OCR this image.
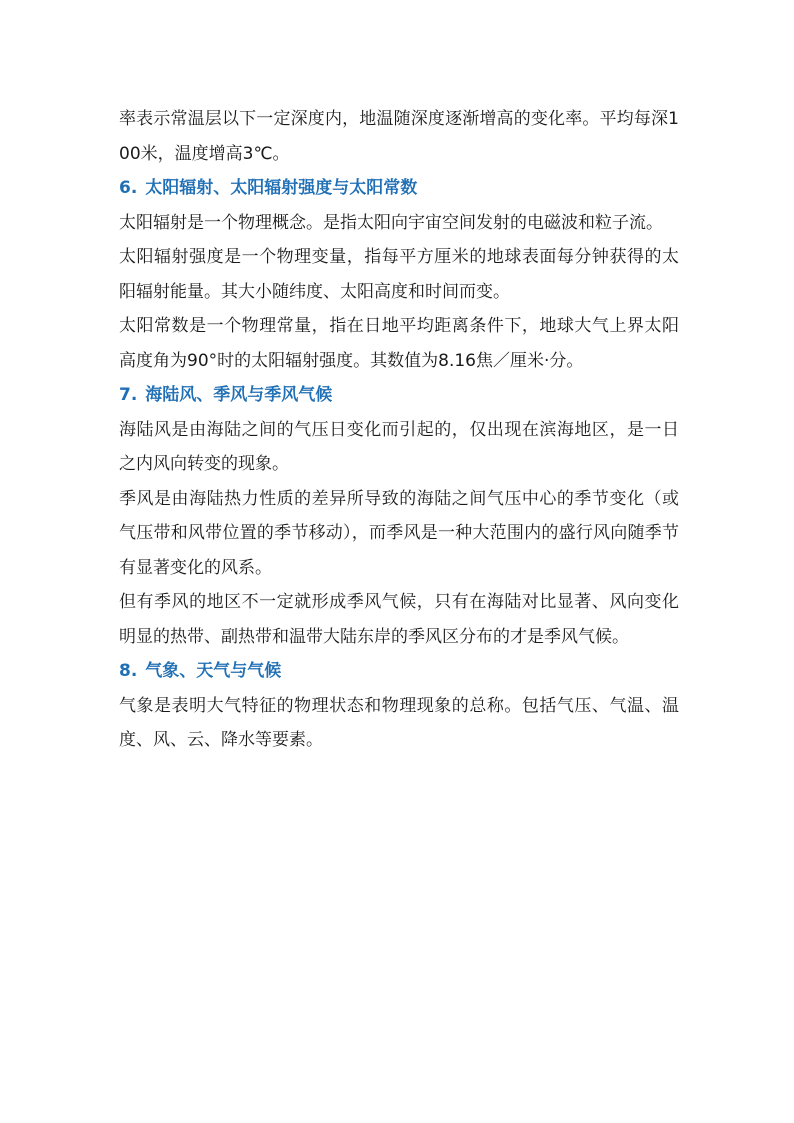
率表示常温层以下一定深度内，地温随深度逐渐增高的变化率。平均每深100米，温度增高3℃。

6. 太阳辐射、太阳辐射强度与太阳常数

太阳辐射是一个物理概念。是指太阳向宇宙空间发射的电磁波和粒子流。

太阳辐射强度是一个物理变量，指每平方厘米的地球表面每分钟获得的太阳辐射能量。其大小随纬度、太阳高度和时间而变。

太阳常数是一个物理常量，指在日地平均距离条件下，地球大气上界太阳高度角为90°时的太阳辐射强度。其数值为8.16焦／厘米·分。

7. 海陆风、季风与季风气候

海陆风是由海陆之间的气压日变化而引起的，仅出现在滨海地区，是一日之内风向转变的现象。

季风是由海陆热力性质的差异所导致的海陆之间气压中心的季节变化（或气压带和风带位置的季节移动），而季风是一种大范围内的盛行风向随季节有显著变化的风系。

但有季风的地区不一定就形成季风气候，只有在海陆对比显著、风向变化明显的热带、副热带和温带大陆东岸的季风区分布的才是季风气候。

8. 气象、天气与气候

气象是表明大气特征的物理状态和物理现象的总称。包括气压、气温、温度、风、云、降水等要素。
